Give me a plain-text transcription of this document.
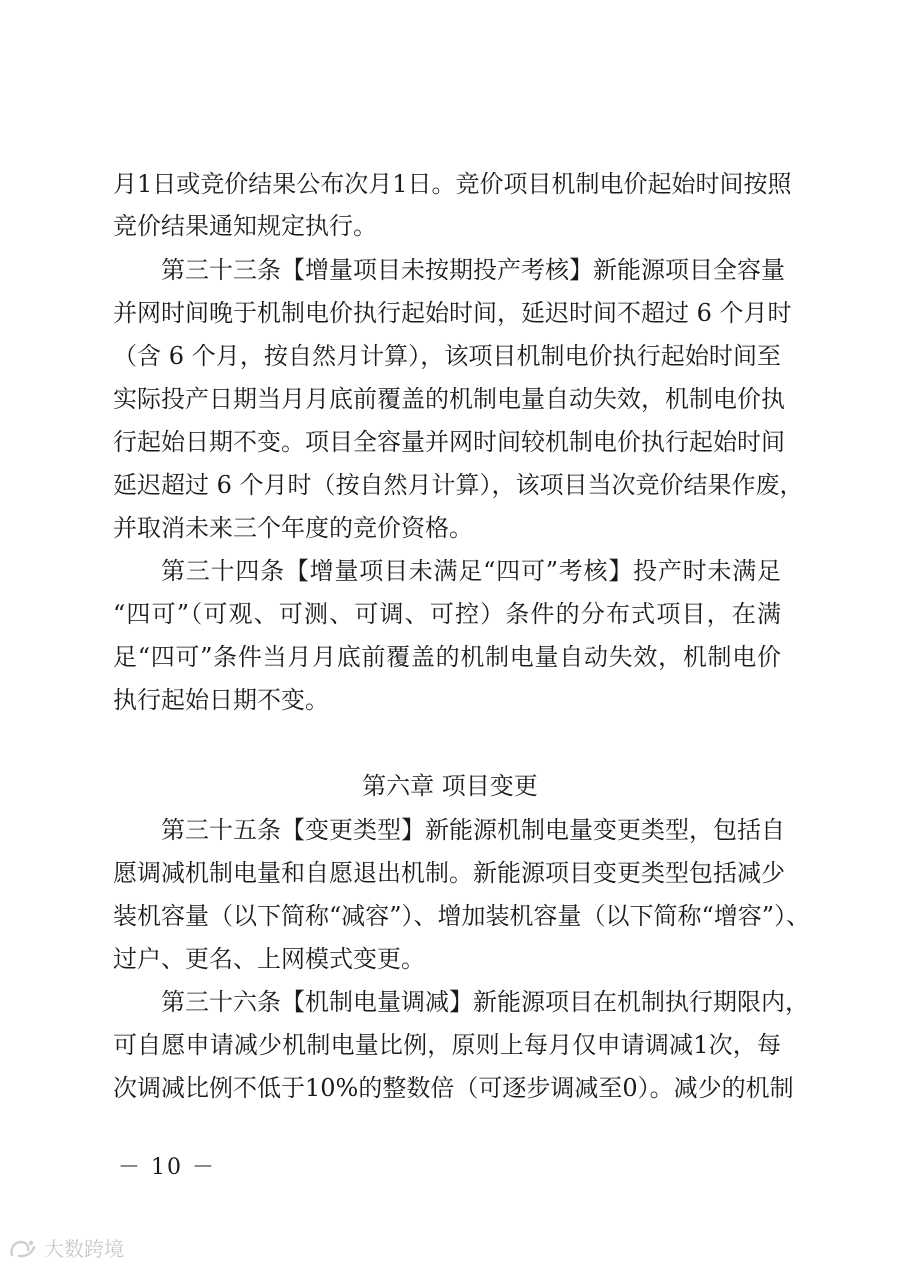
月1日或竞价结果公布次月1日。竞价项目机制电价起始时间按照
竞价结果通知规定执行。
第三十三条【增量项目未按期投产考核】新能源项目全容量
并网时间晚于机制电价执行起始时间，延迟时间不超过 6 个月时
（含 6 个月，按自然月计算），该项目机制电价执行起始时间至
实际投产日期当月月底前覆盖的机制电量自动失效，机制电价执
行起始日期不变。项目全容量并网时间较机制电价执行起始时间
延迟超过 6 个月时（按自然月计算），该项目当次竞价结果作废，
并取消未来三个年度的竞价资格。
第三十四条【增量项目未满足“四可”考核】投产时未满足
“四可”（可观、可测、可调、可控）条件的分布式项目，在满
足“四可”条件当月月底前覆盖的机制电量自动失效，机制电价
执行起始日期不变。
第六章 项目变更
第三十五条【变更类型】新能源机制电量变更类型，包括自
愿调减机制电量和自愿退出机制。新能源项目变更类型包括减少
装机容量（以下简称“减容”）、增加装机容量（以下简称“增容”）、
过户、更名、上网模式变更。
第三十六条【机制电量调减】新能源项目在机制执行期限内，
可自愿申请减少机制电量比例，原则上每月仅申请调减1次，每
次调减比例不低于10%的整数倍（可逐步调减至0）。减少的机制
－ 10 －
大数跨境
